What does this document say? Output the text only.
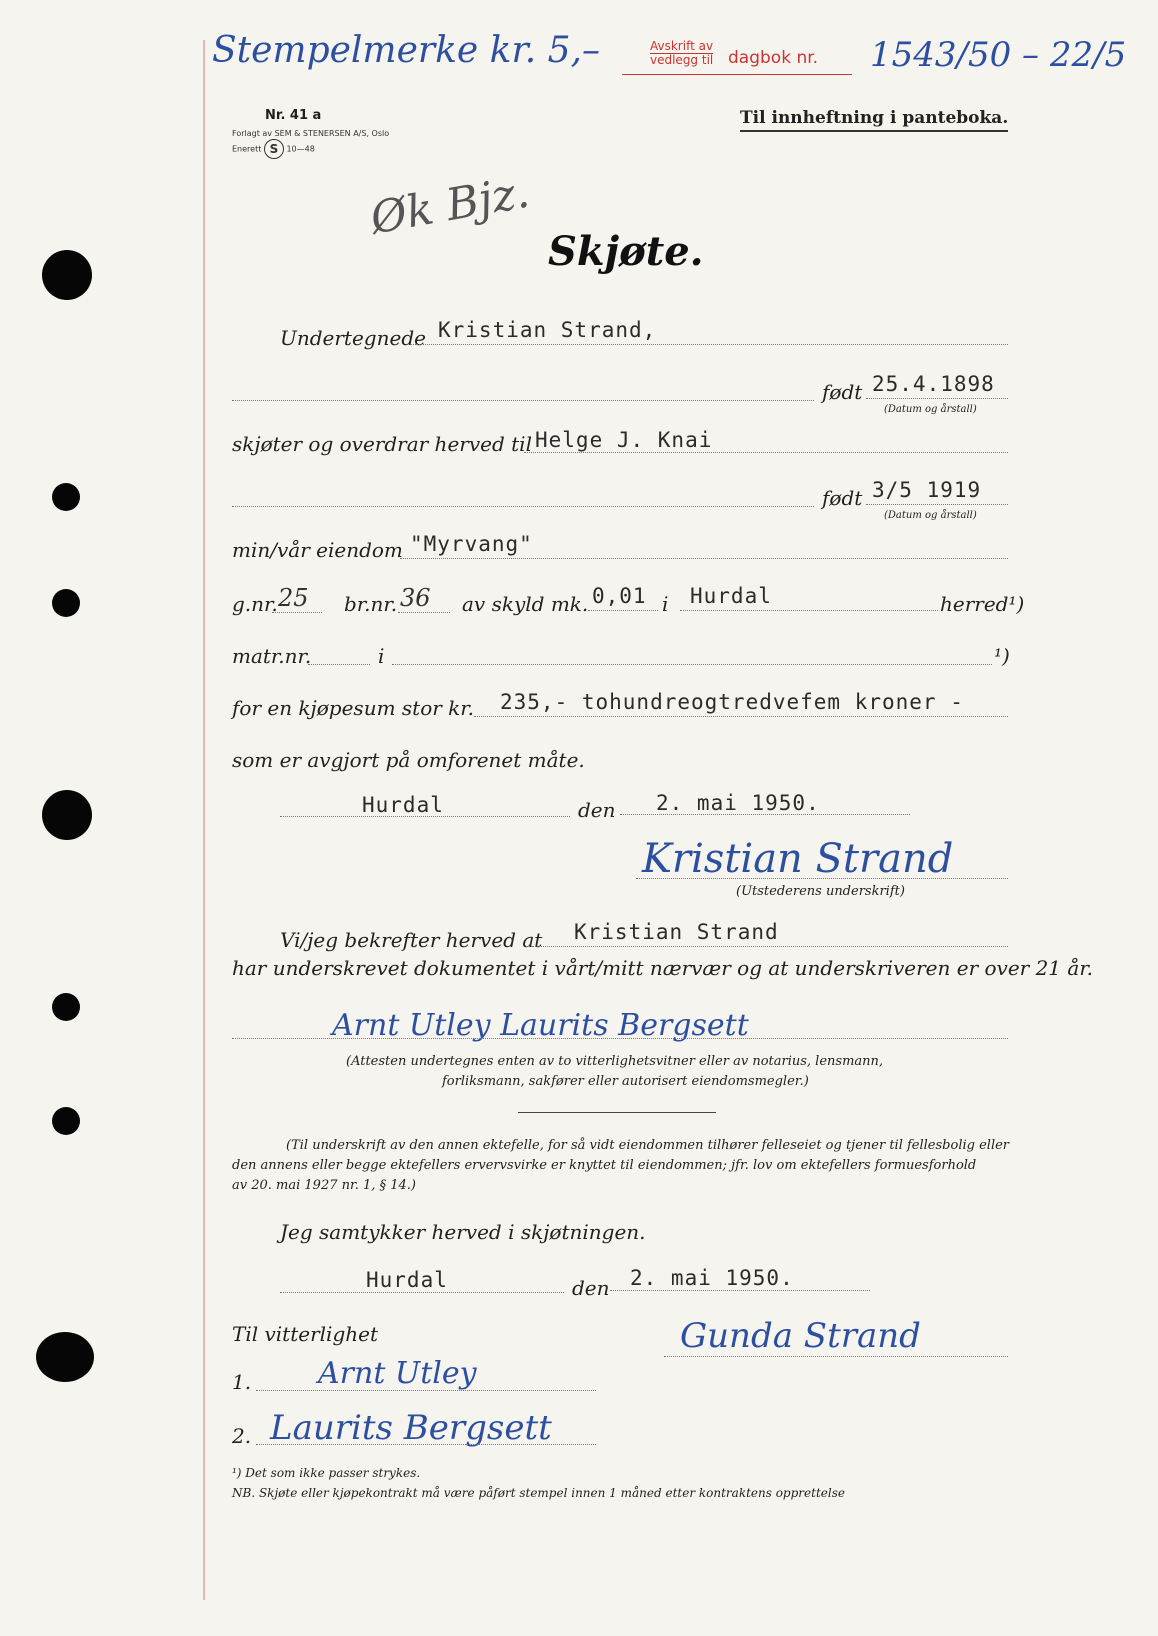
Stempelmerke kr. 5,–	Avskrift av
vedlegg til dagbok nr. 1543/50 – 22/5
Nr. 41 a
Forlagt av SEM & STENERSEN A/S, Oslo
Enerett S 10—48
Til innheftning i panteboka.
Øk Bjz.
Skjøte.
Undertegnede Kristian Strand,
født 25.4.1898
(Datum og årstall)
skjøter og overdrar herved til Helge J. Knai
født 3/5 1919
(Datum og årstall)
min/vår eiendom "Myrvang"
g.nr. 25 br.nr. 36 av skyld mk. 0,01 i Hurdal	herred¹)
matr.nr.	i	¹)
for en kjøpesum stor kr. 235,- tohundreogtredvefem kroner -
som er avgjort på omforenet måte.
Hurdal	den 2. mai 1950.
Kristian Strand
(Utstederens underskrift)
Vi/jeg bekrefter herved at Kristian Strand
har underskrevet dokumentet i vårt/mitt nærvær og at underskriveren er over 21 år.
Arnt Utley Laurits Bergsett
(Attesten undertegnes enten av to vitterlighetsvitner eller av notarius, lensmann,
forliksmann, sakfører eller autorisert eiendomsmegler.)
(Til underskrift av den annen ektefelle, for så vidt eiendommen tilhører felleseiet og tjener til fellesbolig eller
den annens eller begge ektefellers ervervsvirke er knyttet til eiendommen; jfr. lov om ektefellers formuesforhold
av 20. mai 1927 nr. 1, § 14.)
Jeg samtykker herved i skjøtningen.
Hurdal	den 2. mai 1950.
Til vitterlighet	Gunda Strand
1. Arnt Utley
2. Laurits Bergsett
¹) Det som ikke passer strykes.
NB. Skjøte eller kjøpekontrakt må være påført stempel innen 1 måned etter kontraktens opprettelse
